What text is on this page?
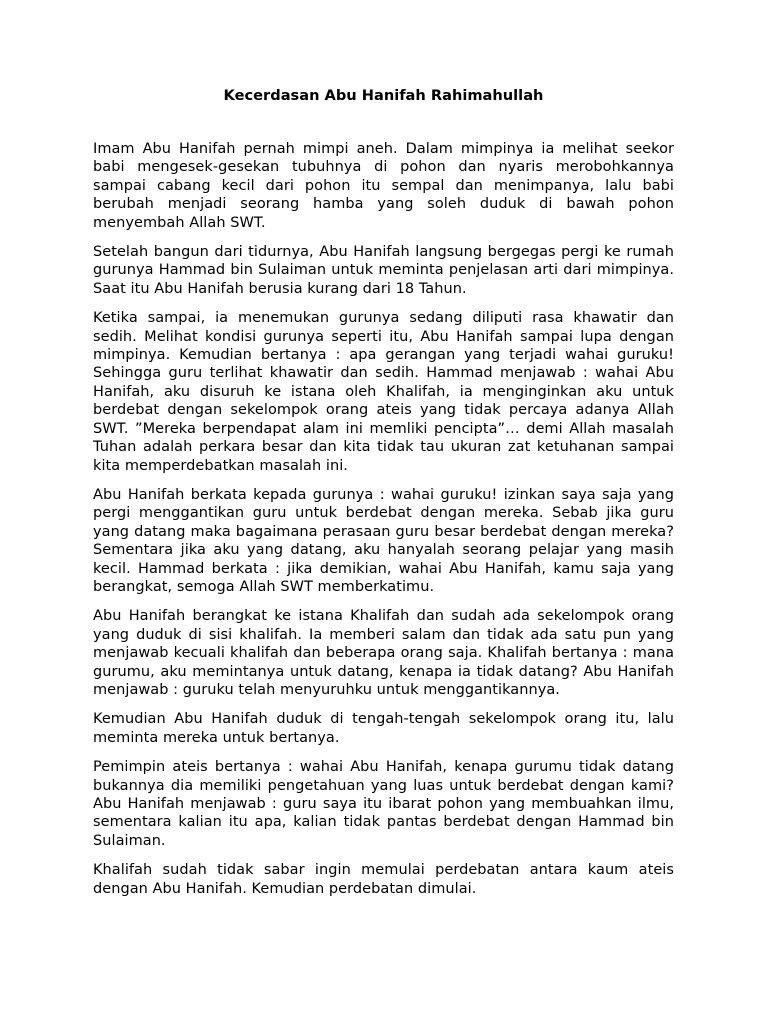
Kecerdasan Abu Hanifah Rahimahullah

Imam Abu Hanifah pernah mimpi aneh. Dalam mimpinya ia melihat seekor babi mengesek-gesekan tubuhnya di pohon dan nyaris merobohkannya sampai cabang kecil dari pohon itu sempal dan menimpanya, lalu babi berubah menjadi seorang hamba yang soleh duduk di bawah pohon menyembah Allah SWT.

Setelah bangun dari tidurnya, Abu Hanifah langsung bergegas pergi ke rumah gurunya Hammad bin Sulaiman untuk meminta penjelasan arti dari mimpinya. Saat itu Abu Hanifah berusia kurang dari 18 Tahun.

Ketika sampai, ia menemukan gurunya sedang diliputi rasa khawatir dan sedih. Melihat kondisi gurunya seperti itu, Abu Hanifah sampai lupa dengan mimpinya. Kemudian bertanya : apa gerangan yang terjadi wahai guruku! Sehingga guru terlihat khawatir dan sedih. Hammad menjawab : wahai Abu Hanifah, aku disuruh ke istana oleh Khalifah, ia menginginkan aku untuk berdebat dengan sekelompok orang ateis yang tidak percaya adanya Allah SWT. ”Mereka berpendapat alam ini memliki pencipta”… demi Allah masalah Tuhan adalah perkara besar dan kita tidak tau ukuran zat ketuhanan sampai kita memperdebatkan masalah ini.

Abu Hanifah berkata kepada gurunya : wahai guruku! izinkan saya saja yang pergi menggantikan guru untuk berdebat dengan mereka. Sebab jika guru yang datang maka bagaimana perasaan guru besar berdebat dengan mereka? Sementara jika aku yang datang, aku hanyalah seorang pelajar yang masih kecil. Hammad berkata : jika demikian, wahai Abu Hanifah, kamu saja yang berangkat, semoga Allah SWT memberkatimu.

Abu Hanifah berangkat ke istana Khalifah dan sudah ada sekelompok orang yang duduk di sisi khalifah. Ia memberi salam dan tidak ada satu pun yang menjawab kecuali khalifah dan beberapa orang saja. Khalifah bertanya : mana gurumu, aku memintanya untuk datang, kenapa ia tidak datang? Abu Hanifah menjawab : guruku telah menyuruhku untuk menggantikannya.

Kemudian Abu Hanifah duduk di tengah-tengah sekelompok orang itu, lalu meminta mereka untuk bertanya.

Pemimpin ateis bertanya : wahai Abu Hanifah, kenapa gurumu tidak datang bukannya dia memiliki pengetahuan yang luas untuk berdebat dengan kami? Abu Hanifah menjawab : guru saya itu ibarat pohon yang membuahkan ilmu, sementara kalian itu apa, kalian tidak pantas berdebat dengan Hammad bin Sulaiman.

Khalifah sudah tidak sabar ingin memulai perdebatan antara kaum ateis dengan Abu Hanifah. Kemudian perdebatan dimulai.
